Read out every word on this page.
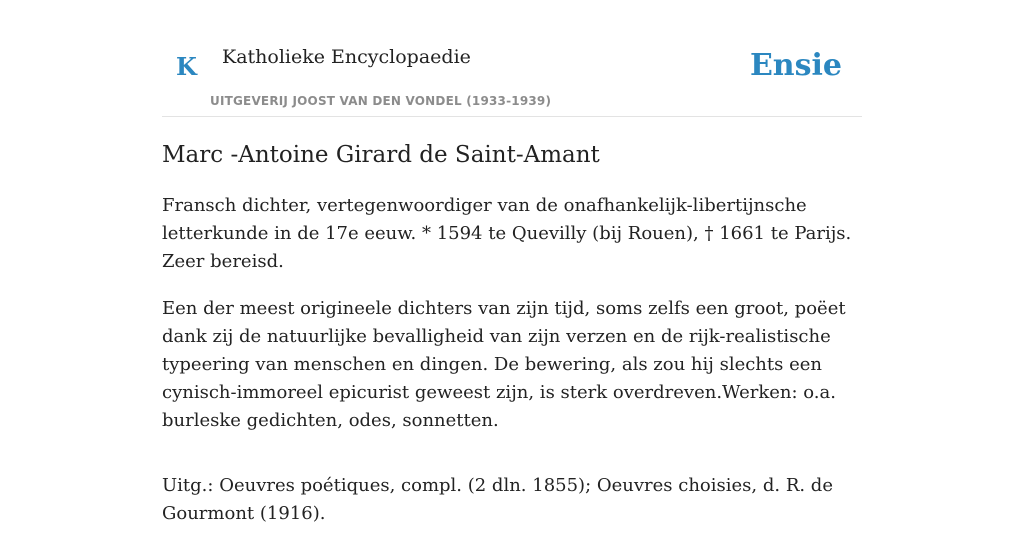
K Katholieke Encyclopaedie
UITGEVERIJ JOOST VAN DEN VONDEL (1933-1939)
Ensie
Marc -Antoine Girard de Saint-Amant

Fransch dichter, vertegenwoordiger van de onafhankelijk-libertijnsche letterkunde in de 17e eeuw. * 1594 te Quevilly (bij Rouen), † 1661 te Parijs. Zeer bereisd.

Een der meest origineele dichters van zijn tijd, soms zelfs een groot, poëet dank zij de natuurlijke bevalligheid van zijn verzen en de rijk-realistische typeering van menschen en dingen. De bewering, als zou hij slechts een cynisch-immoreel epicurist geweest zijn, is sterk overdreven.Werken: o.a. burleske gedichten, odes, sonnetten.

Uitg.: Oeuvres poétiques, compl. (2 dln. 1855); Oeuvres choisies, d. R. de Gourmont (1916).
